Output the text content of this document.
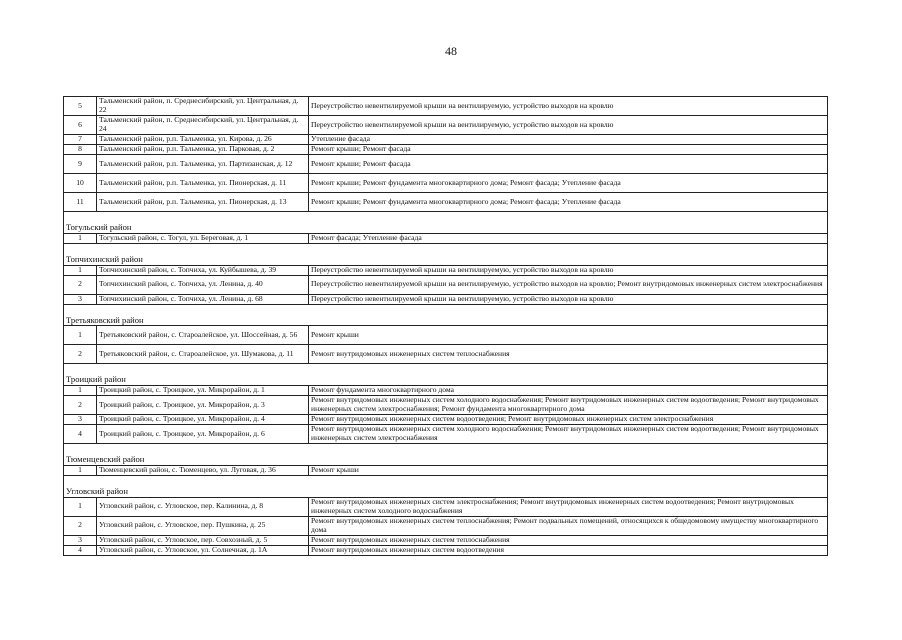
48
5	Тальменский район, п. Среднесибирский, ул. Центральная, д. 22	Переустройство невентилируемой крыши на вентилируемую, устройство выходов на кровлю
6	Тальменский район, п. Среднесибирский, ул. Центральная, д. 24	Переустройство невентилируемой крыши на вентилируемую, устройство выходов на кровлю
7	Тальменский район, р.п. Тальменка, ул. Кирова, д. 26	Утепление фасада
8	Тальменский район, р.п. Тальменка, ул. Парковая, д. 2	Ремонт крыши; Ремонт фасада
9	Тальменский район, р.п. Тальменка, ул. Партизанская, д. 12	Ремонт крыши; Ремонт фасада
10	Тальменский район, р.п. Тальменка, ул. Пионерская, д. 11	Ремонт крыши; Ремонт фундамента многоквартирного дома; Ремонт фасада; Утепление фасада
11	Тальменский район, р.п. Тальменка, ул. Пионерская, д. 13	Ремонт крыши; Ремонт фундамента многоквартирного дома; Ремонт фасада; Утепление фасада
Тогульский район		
1	Тогульский район, с. Тогул, ул. Береговая, д. 1	Ремонт фасада; Утепление фасада
Топчихинский район		
1	Топчихинский район, с. Топчиха, ул. Куйбышева, д. 39	Переустройство невентилируемой крыши на вентилируемую, устройство выходов на кровлю
2	Топчихинский район, с. Топчиха, ул. Ленина, д. 40	Переустройство невентилируемой крыши на вентилируемую, устройство выходов на кровлю; Ремонт внутридомовых инженерных систем электроснабжения
3	Топчихинский район, с. Топчиха, ул. Ленина, д. 68	Переустройство невентилируемой крыши на вентилируемую, устройство выходов на кровлю
Третьяковский район		
1	Третьяковский район, с. Староалейское, ул. Шоссейная, д. 56	Ремонт крыши
2	Третьяковский район, с. Староалейское, ул. Шумакова, д. 11	Ремонт внутридомовых инженерных систем теплоснабжения
Троицкий район		
1	Троицкий район, с. Троицкое, ул. Микрорайон, д. 1	Ремонт фундамента многоквартирного дома
2	Троицкий район, с. Троицкое, ул. Микрорайон, д. 3	Ремонт внутридомовых инженерных систем холодного водоснабжения; Ремонт внутридомовых инженерных систем водоотведения; Ремонт внутридомовых инженерных систем электроснабжения; Ремонт фундамента многоквартирного дома
3	Троицкий район, с. Троицкое, ул. Микрорайон, д. 4	Ремонт внутридомовых инженерных систем водоотведения; Ремонт внутридомовых инженерных систем электроснабжения
4	Троицкий район, с. Троицкое, ул. Микрорайон, д. 6	Ремонт внутридомовых инженерных систем холодного водоснабжения; Ремонт внутридомовых инженерных систем водоотведения; Ремонт внутридомовых инженерных систем электроснабжения
Тюменцевский район		
1	Тюменцевский район, с. Тюменцево, ул. Луговая, д. 36	Ремонт крыши
Угловский район		
1	Угловский район, с. Угловское, пер. Калинина, д. 8	Ремонт внутридомовых инженерных систем электроснабжения; Ремонт внутридомовых инженерных систем водоотведения; Ремонт внутридомовых инженерных систем холодного водоснабжения
2	Угловский район, с. Угловское, пер. Пушкина, д. 25	Ремонт внутридомовых инженерных систем теплоснабжения; Ремонт подвальных помещений, относящихся к общедомовому имуществу многоквартирного дома
3	Угловский район, с. Угловское, пер. Совхозный, д. 5	Ремонт внутридомовых инженерных систем теплоснабжения
4	Угловский район, с. Угловское, ул. Солнечная, д. 1А	Ремонт внутридомовых инженерных систем водоотведения
